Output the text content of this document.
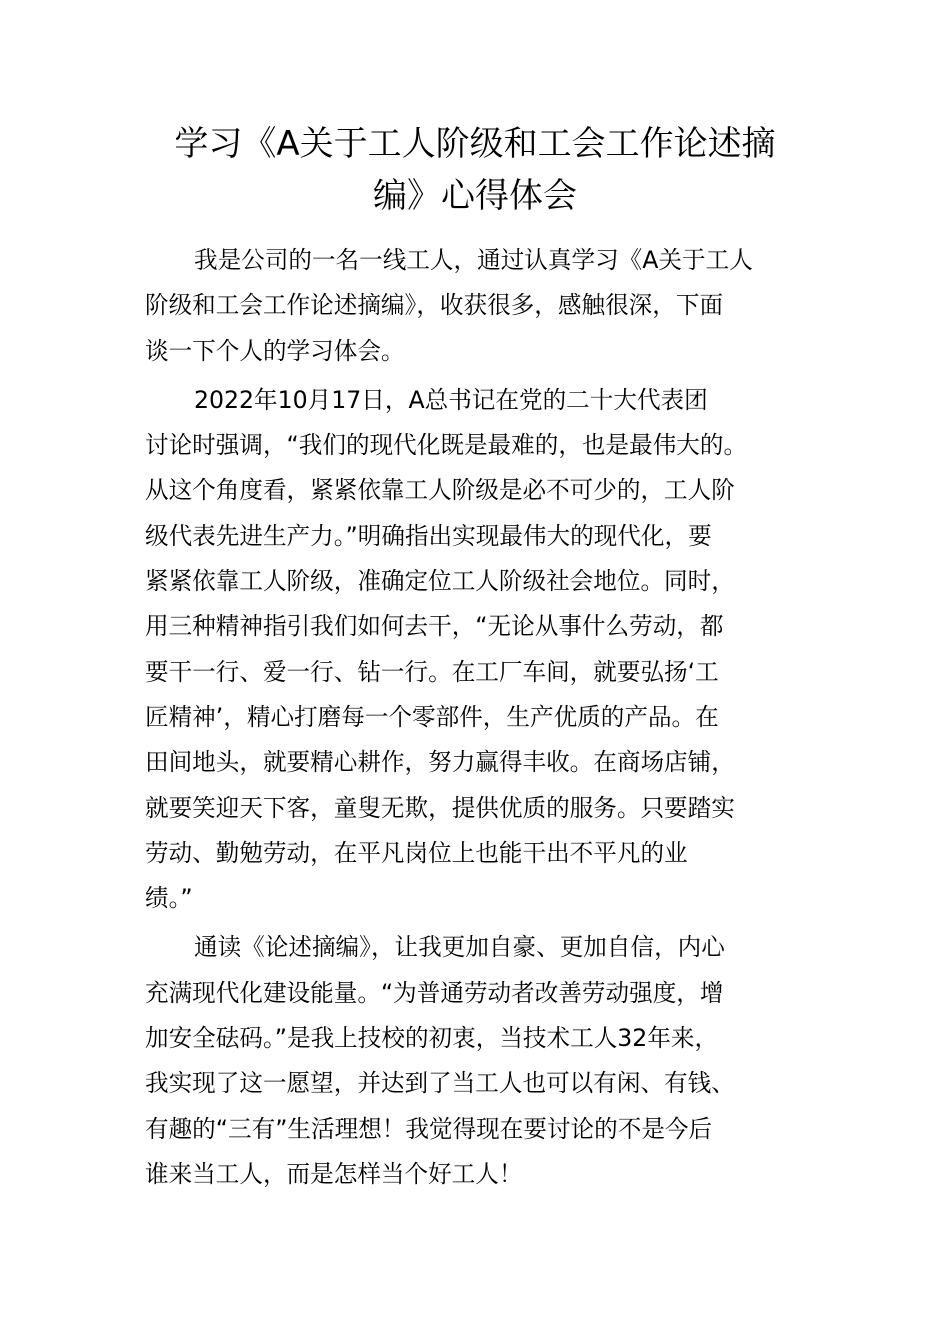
学习《A关于工人阶级和工会工作论述摘
编》心得体会

我是公司的一名一线工人，通过认真学习《A关于工人
阶级和工会工作论述摘编》，收获很多，感触很深，下面
谈一下个人的学习体会。

2022年10月17日，A总书记在党的二十大代表团
讨论时强调，“我们的现代化既是最难的，也是最伟大的。
从这个角度看，紧紧依靠工人阶级是必不可少的，工人阶
级代表先进生产力。”明确指出实现最伟大的现代化，要
紧紧依靠工人阶级，准确定位工人阶级社会地位。同时，
用三种精神指引我们如何去干，“无论从事什么劳动，都
要干一行、爱一行、钻一行。在工厂车间，就要弘扬‘工
匠精神’，精心打磨每一个零部件，生产优质的产品。在
田间地头，就要精心耕作，努力赢得丰收。在商场店铺，
就要笑迎天下客，童叟无欺，提供优质的服务。只要踏实
劳动、勤勉劳动，在平凡岗位上也能干出不平凡的业
绩。”

通读《论述摘编》，让我更加自豪、更加自信，内心
充满现代化建设能量。“为普通劳动者改善劳动强度，增
加安全砝码。”是我上技校的初衷，当技术工人32年来，
我实现了这一愿望，并达到了当工人也可以有闲、有钱、
有趣的“三有”生活理想！我觉得现在要讨论的不是今后
谁来当工人，而是怎样当个好工人！
